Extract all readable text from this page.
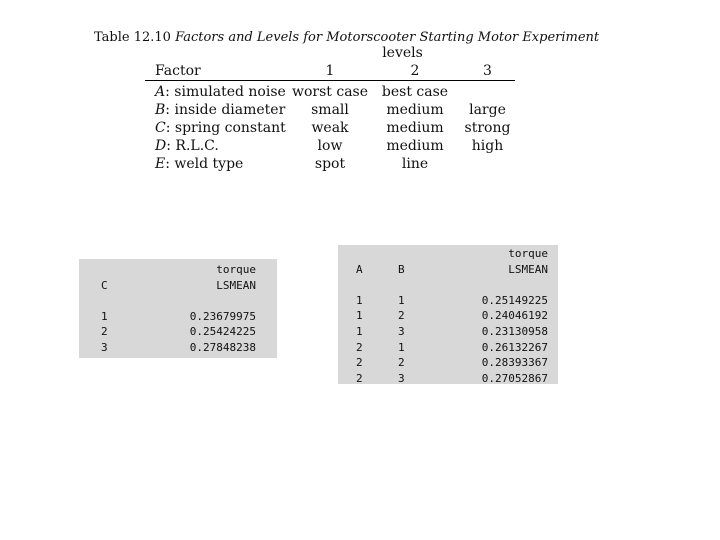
Table 12.10 Factors and Levels for Motorscooter Starting Motor Experiment
	levels		
Factor	1	2	3
A: simulated noise	worst case	best case	
B: inside diameter	small	medium	large
C: spring constant	weak	medium	strong
D: R.L.C.	low	medium	high
E: weld type	spot	line	
	torque
C	LSMEAN

1	0.23679975
2	0.25424225
3	0.27848238
		torque
A	B	LSMEAN

1	1	0.25149225
1	2	0.24046192
1	3	0.23130958
2	1	0.26132267
2	2	0.28393367
2	3	0.27052867
